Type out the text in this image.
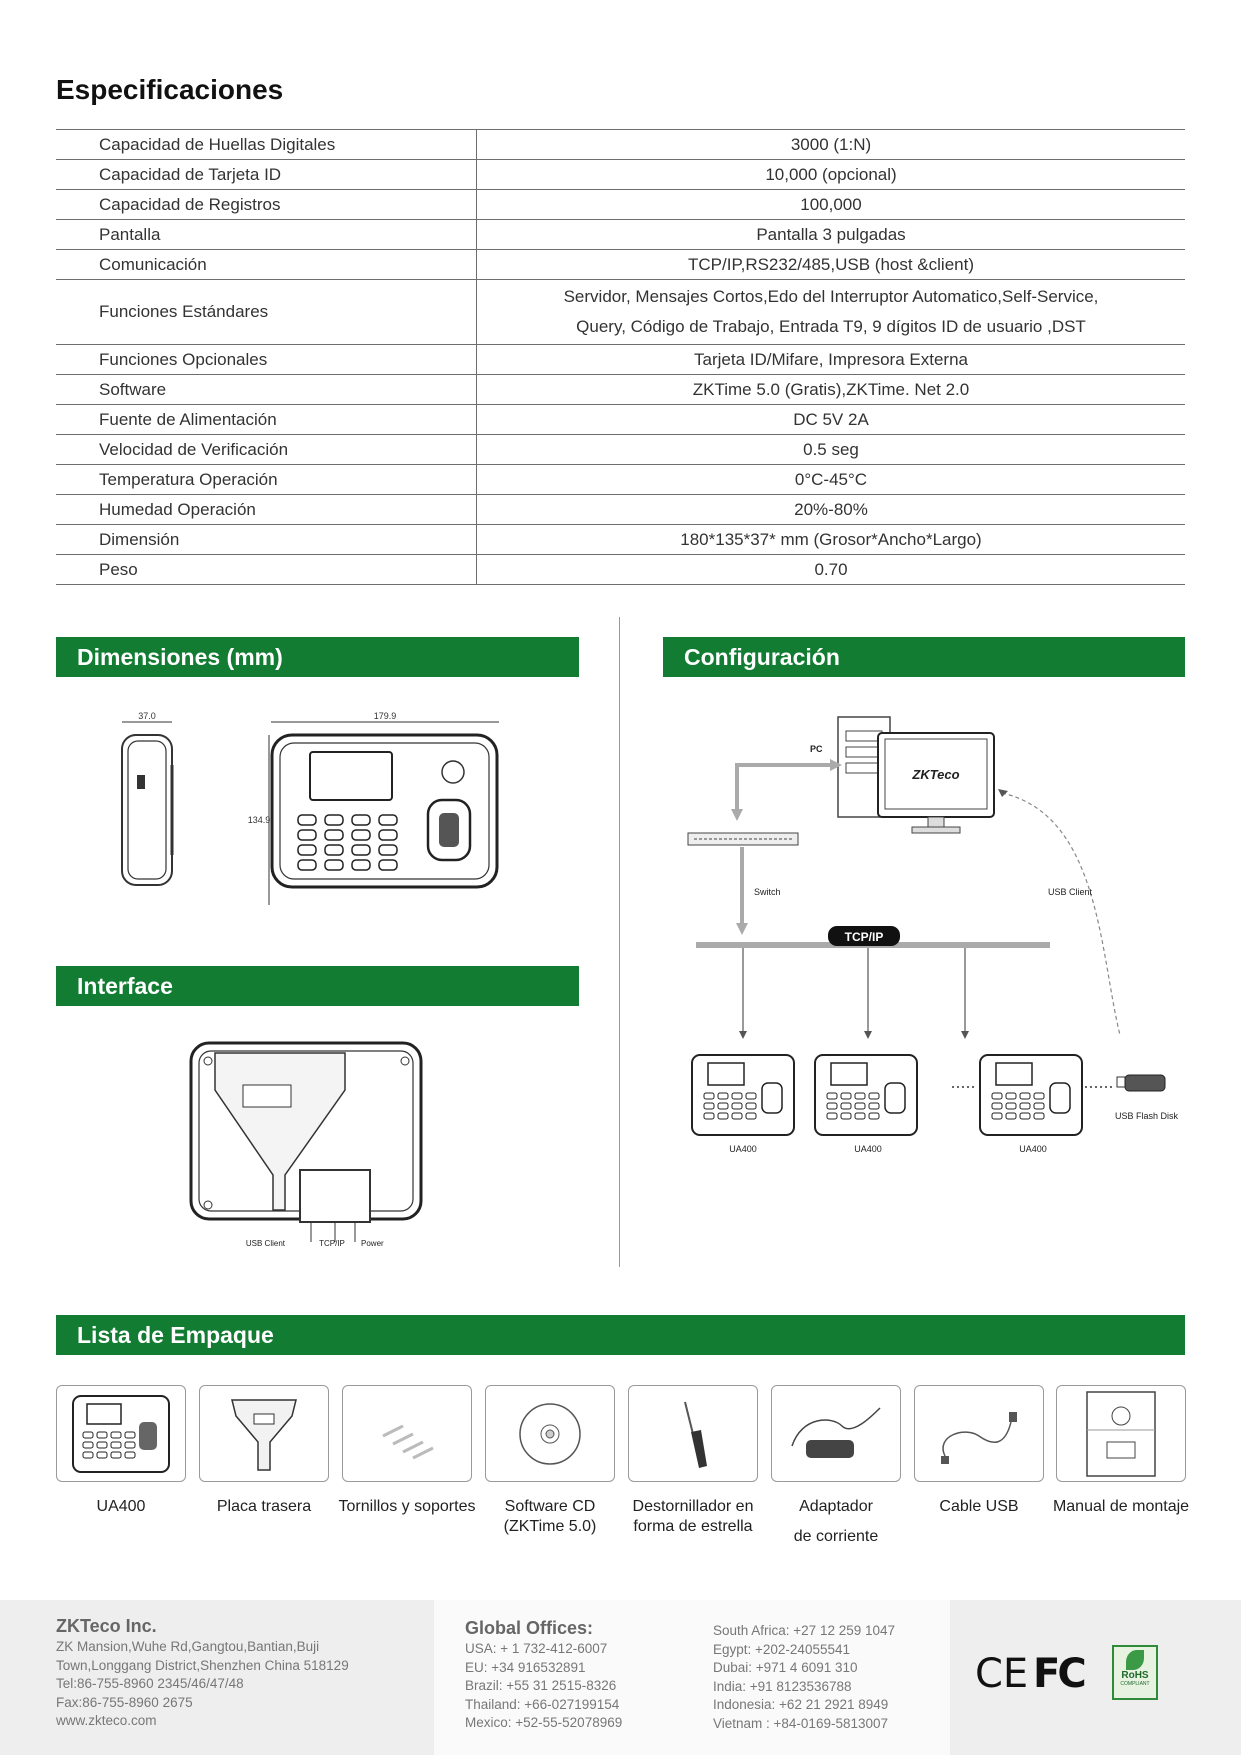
Especificaciones
Capacidad de Huellas Digitales	3000 (1:N)
Capacidad de Tarjeta ID	10,000 (opcional)
Capacidad de Registros	100,000
Pantalla	Pantalla 3 pulgadas
Comunicación	TCP/IP,RS232/485,USB (host &client)
Funciones Estándares	Servidor, Mensajes Cortos,Edo del Interruptor Automatico,Self-Service,
Query, Código de Trabajo, Entrada T9, 9 dígitos ID de usuario ,DST

Funciones Opcionales	Tarjeta ID/Mifare, Impresora Externa
Software	ZKTime 5.0 (Gratis),ZKTime. Net 2.0
Fuente de Alimentación	DC 5V 2A
Velocidad de Verificación	0.5 seg
Temperatura Operación	0°C-45°C
Humedad Operación	20%-80%
Dimensión	180*135*37* mm (Grosor*Ancho*Largo)
Peso	0.70
Dimensiones (mm)	Configuración
Interface
Lista de Empaque
37.0	179.9
134.9
USB Client	TCP/IP Power
ZKTeco
PC
Switch
TCP/IP
USB Client
UA400	UA400	UA400
USB Flash Disk
UA400	Placa trasera	Tornillos y soportes	Software CD
(ZKTime 5.0)
Destornillador en
forma de estrella
Adaptador
de corriente
Cable USB	Manual de montaje
ZKTeco Inc.
ZK Mansion,Wuhe Rd,Gangtou,Bantian,Buji
Town,Longgang District,Shenzhen China 518129
Tel:86-755-8960 2345/46/47/48
Fax:86-755-8960 2675
www.zkteco.com
Global Offices:
USA: + 1 732-412-6007
EU: +34 916532891
Brazil: +55 31 2515-8326
Thailand: +66-027199154
Mexico: +52-55-52078969
South Africa: +27 12 259 1047
Egypt: +202-24055541
Dubai: +971 4 6091 310
India: +91 8123536788
Indonesia: +62 21 2921 8949
Vietnam : +84-0169-5813007
CE FC	RoHS
COMPLIANT
